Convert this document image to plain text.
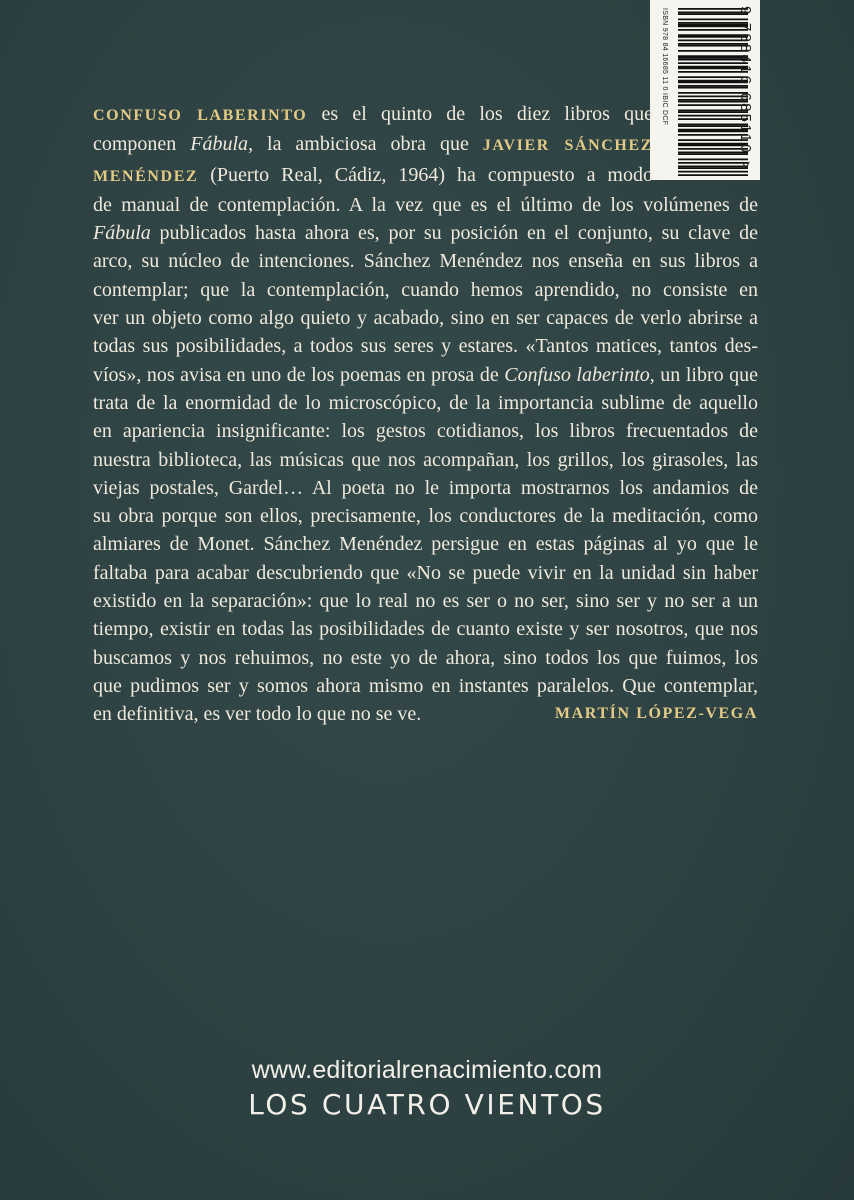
ISBN 978 84 16685 11 0 IBIC DCF	9 788416 685110 >

CONFUSO LABERINTO es el quinto de los diez libros que
componen Fábula, la ambiciosa obra que JAVIER SÁNCHEZ
MENÉNDEZ (Puerto Real, Cádiz, 1964) ha compuesto a modo
de manual de contemplación. A la vez que es el último de los volúmenes de
Fábula publicados hasta ahora es, por su posición en el conjunto, su clave de
arco, su núcleo de intenciones. Sánchez Menéndez nos enseña en sus libros a
contemplar; que la contemplación, cuando hemos aprendido, no consiste en
ver un objeto como algo quieto y acabado, sino en ser capaces de verlo abrirse a
todas sus posibilidades, a todos sus seres y estares. «Tantos matices, tantos des-
víos», nos avisa en uno de los poemas en prosa de Confuso laberinto, un libro que
trata de la enormidad de lo microscópico, de la importancia sublime de aquello
en apariencia insignificante: los gestos cotidianos, los libros frecuentados de
nuestra biblioteca, las músicas que nos acompañan, los grillos, los girasoles, las
viejas postales, Gardel… Al poeta no le importa mostrarnos los andamios de
su obra porque son ellos, precisamente, los conductores de la meditación, como
almiares de Monet. Sánchez Menéndez persigue en estas páginas al yo que le
faltaba para acabar descubriendo que «No se puede vivir en la unidad sin haber
existido en la separación»: que lo real no es ser o no ser, sino ser y no ser a un
tiempo, existir en todas las posibilidades de cuanto existe y ser nosotros, que nos
buscamos y nos rehuimos, no este yo de ahora, sino todos los que fuimos, los
que pudimos ser y somos ahora mismo en instantes paralelos. Que contemplar,
en definitiva, es ver todo lo que no se ve.	MARTÍN LÓPEZ-VEGA

www.editorialrenacimiento.com
LOS CUATRO VIENTOS
